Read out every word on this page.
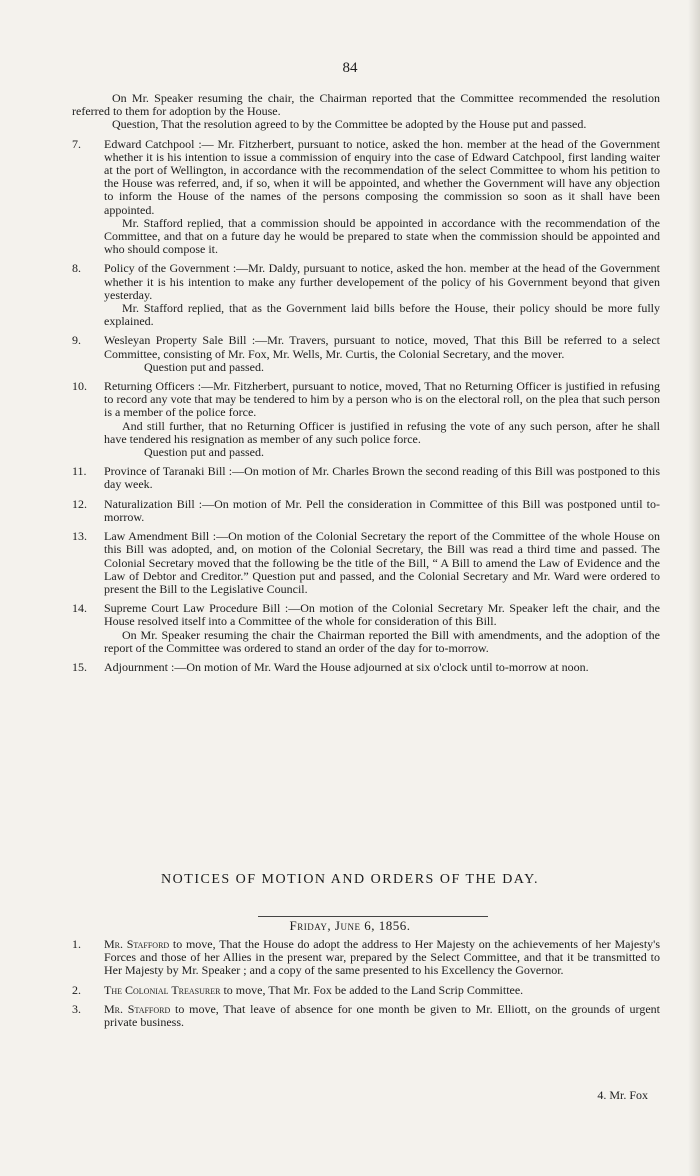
84

On Mr. Speaker resuming the chair, the Chairman reported that the Committee recommended the resolution referred to them for adoption by the House.

Question, That the resolution agreed to by the Committee be adopted by the House put and passed.

7.	Edward Catchpool :— Mr. Fitzherbert, pursuant to notice, asked the hon. member at the head of the Government whether it is his intention to issue a commission of enquiry into the case of Edward Catchpool, first landing waiter at the port of Wellington, in accordance with the recommendation of the select Committee to whom his petition to the House was referred, and, if so, when it will be appointed, and whether the Government will have any objection to inform the House of the names of the persons composing the commission so soon as it shall have been appointed.

Mr. Stafford replied, that a commission should be appointed in accordance with the recommendation of the Committee, and that on a future day he would be prepared to state when the commission should be appointed and who should compose it.

8.	Policy of the Government :—Mr. Daldy, pursuant to notice, asked the hon. member at the head of the Government whether it is his intention to make any further developement of the policy of his Government beyond that given yesterday.

Mr. Stafford replied, that as the Government laid bills before the House, their policy should be more fully explained.

9.	Wesleyan Property Sale Bill :—Mr. Travers, pursuant to notice, moved, That this Bill be referred to a select Committee, consisting of Mr. Fox, Mr. Wells, Mr. Curtis, the Colonial Secretary, and the mover.

Question put and passed.

10.	Returning Officers :—Mr. Fitzherbert, pursuant to notice, moved, That no Returning Officer is justified in refusing to record any vote that may be tendered to him by a person who is on the electoral roll, on the plea that such person is a member of the police force.

And still further, that no Returning Officer is justified in refusing the vote of any such person, after he shall have tendered his resignation as member of any such police force.

Question put and passed.

11.	Province of Taranaki Bill :—On motion of Mr. Charles Brown the second reading of this Bill was postponed to this day week.

12.	Naturalization Bill :—On motion of Mr. Pell the consideration in Committee of this Bill was postponed until to-morrow.

13.	Law Amendment Bill :—On motion of the Colonial Secretary the report of the Committee of the whole House on this Bill was adopted, and, on motion of the Colonial Secretary, the Bill was read a third time and passed. The Colonial Secretary moved that the following be the title of the Bill, “ A Bill to amend the Law of Evidence and the Law of Debtor and Creditor.” Question put and passed, and the Colonial Secretary and Mr. Ward were ordered to present the Bill to the Legislative Council.

14.	Supreme Court Law Procedure Bill :—On motion of the Colonial Secretary Mr. Speaker left the chair, and the House resolved itself into a Committee of the whole for consideration of this Bill.

On Mr. Speaker resuming the chair the Chairman reported the Bill with amendments, and the adoption of the report of the Committee was ordered to stand an order of the day for to-morrow.

15.	Adjournment :—On motion of Mr. Ward the House adjourned at six o'clock until to-morrow at noon.

NOTICES OF MOTION AND ORDERS OF THE DAY.
Friday, June 6, 1856.
1.	Mr. Stafford to move, That the House do adopt the address to Her Majesty on the achievements of her Majesty's Forces and those of her Allies in the present war, prepared by the Select Committee, and that it be transmitted to Her Majesty by Mr. Speaker ; and a copy of the same presented to his Excellency the Governor.

2.	The Colonial Treasurer to move, That Mr. Fox be added to the Land Scrip Committee.

3.	Mr. Stafford to move, That leave of absence for one month be given to Mr. Elliott, on the grounds of urgent private business.

4. Mr. Fox
